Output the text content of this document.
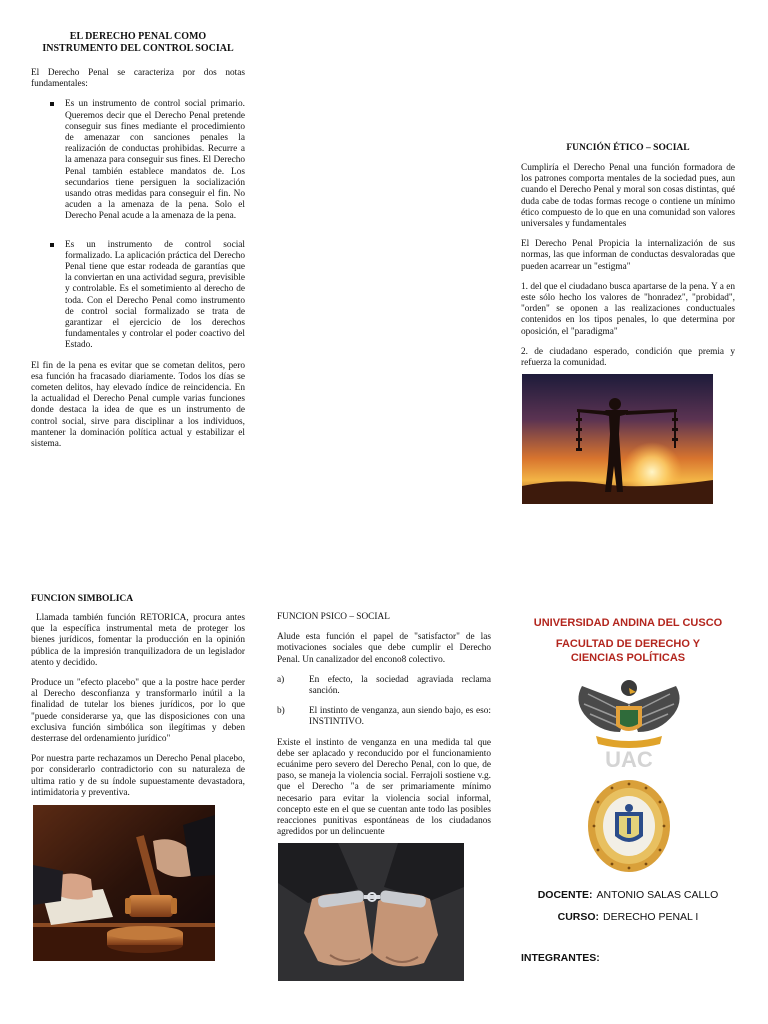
EL DERECHO PENAL COMO INSTRUMENTO DEL CONTROL SOCIAL

El Derecho Penal se caracteriza por dos notas fundamentales:

Es un instrumento de control social primario. Queremos decir que el Derecho Penal pretende conseguir sus fines mediante el procedimiento de amenazar con sanciones penales la realización de conductas prohibidas. Recurre a la amenaza para conseguir sus fines. El Derecho Penal también establece mandatos de. Los secundarios tiene persiguen la socialización usando otras medidas para conseguir el fin. No acuden a la amenaza de la pena. Solo el Derecho Penal acude a la amenaza de la pena.

Es un instrumento de control social formalizado. La aplicación práctica del Derecho Penal tiene que estar rodeada de garantías que la conviertan en una actividad segura, previsible y controlable. Es el sometimiento al derecho de toda. Con el Derecho Penal como instrumento de control social formalizado se trata de garantizar el ejercicio de los derechos fundamentales y controlar el poder coactivo del Estado.

El fin de la pena es evitar que se cometan delitos, pero esa función ha fracasado diariamente. Todos los días se cometen delitos, hay elevado índice de reincidencia. En la actualidad el Derecho Penal cumple varias funciones donde destaca la idea de que es un instrumento de control social, sirve para disciplinar a los individuos, mantener la dominación política actual y estabilizar el sistema.

FUNCIÓN ÉTICO – SOCIAL

Cumpliría el Derecho Penal una función formadora de los patrones comporta mentales de la sociedad pues, aun cuando el Derecho Penal y moral son cosas distintas, qué duda cabe de todas formas recoge o contiene un mínimo ético compuesto de lo que en una comunidad son valores universales y fundamentales

El Derecho Penal Propicia la internalización de sus normas, las que informan de conductas desvaloradas que pueden acarrear un "estigma"

1. del que el ciudadano busca apartarse de la pena. Y a en este sólo hecho los valores de "honradez", "probidad", "orden" se oponen a las realizaciones conductuales contenidos en los tipos penales, lo que determina por oposición, el "paradigma"

2. de ciudadano esperado, condición que premia y refuerza la comunidad.

FUNCION SIMBOLICA

Llamada también función RETORICA, procura antes que la específica instrumental meta de proteger los bienes jurídicos, fomentar la producción en la opinión pública de la impresión tranquilizadora de un legislador atento y decidido.

Produce un "efecto placebo" que a la postre hace perder al Derecho desconfianza y transformarlo inútil a la finalidad de tutelar los bienes jurídicos, por lo que "puede considerarse ya, que las disposiciones con una exclusiva función simbólica son ilegítimas y deben desterrase del ordenamiento jurídico"

Por nuestra parte rechazamos un Derecho Penal placebo, por considerarlo contradictorio con su naturaleza de ultima ratio y de su índole supuestamente devastadora, intimidatoria y preventiva.

FUNCION PSICO – SOCIAL

Alude esta función el papel de "satisfactor" de las motivaciones sociales que debe cumplir el Derecho Penal. Un canalizador del encono8 colectivo.

a)	En efecto, la sociedad agraviada reclama sanción.

b)	El instinto de venganza, aun siendo bajo, es eso: INSTINTIVO.

Existe el instinto de venganza en una medida tal que debe ser aplacado y reconducido por el funcionamiento ecuánime pero severo del Derecho Penal, con lo que, de paso, se maneja la violencia social. Ferrajoli sostiene v.g. que el Derecho "a de ser primariamente mínimo necesario para evitar la violencia social informal, concepto este en el que se cuentan ante todo las posibles reacciones punitivas espontáneas de los ciudadanos agredidos por un delincuente

UNIVERSIDAD ANDINA DEL CUSCO
FACULTAD DE DERECHO Y CIENCIAS POLÍTICAS
UAC
DOCENTE: ANTONIO SALAS CALLO
CURSO: DERECHO PENAL I
INTEGRANTES:
